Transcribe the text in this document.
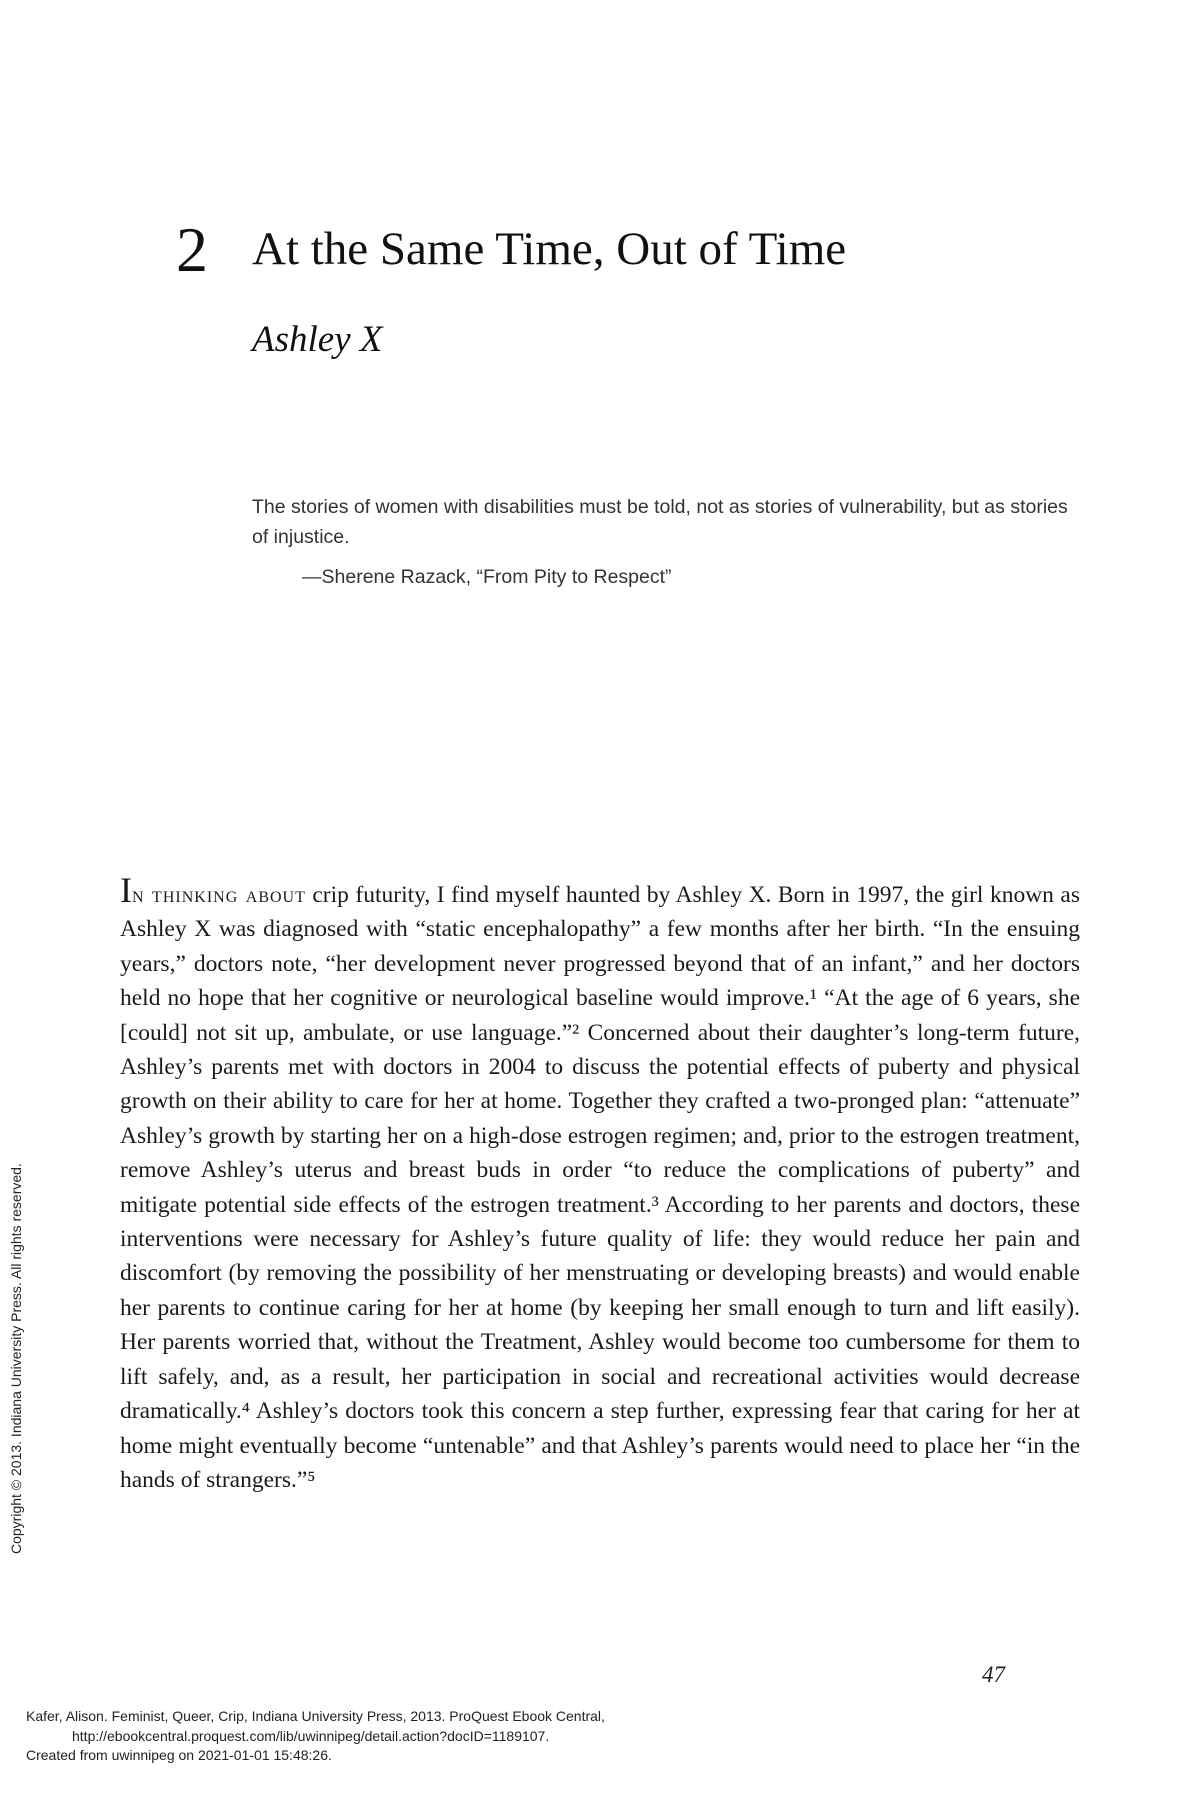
2 At the Same Time, Out of Time
Ashley X
The stories of women with disabilities must be told, not as stories of vulnerability, but as stories of injustice.
—Sherene Razack, “From Pity to Respect”
In thinking about crip futurity, I find myself haunted by Ashley X. Born in 1997, the girl known as Ashley X was diagnosed with “static encephalopathy” a few months after her birth. “In the ensuing years,” doctors note, “her development never progressed beyond that of an infant,” and her doctors held no hope that her cognitive or neurological baseline would improve.¹ “At the age of 6 years, she [could] not sit up, ambulate, or use language.”² Concerned about their daughter’s long-term future, Ashley’s parents met with doctors in 2004 to discuss the potential effects of puberty and physical growth on their ability to care for her at home. Together they crafted a two-pronged plan: “attenuate” Ashley’s growth by starting her on a high-dose estrogen regimen; and, prior to the estrogen treatment, remove Ashley’s uterus and breast buds in order “to reduce the complications of puberty” and mitigate potential side effects of the estrogen treatment.³ According to her parents and doctors, these interventions were necessary for Ashley’s future quality of life: they would reduce her pain and discomfort (by removing the possibility of her menstruating or developing breasts) and would enable her parents to continue caring for her at home (by keeping her small enough to turn and lift easily). Her parents worried that, without the Treatment, Ashley would become too cumbersome for them to lift safely, and, as a result, her participation in social and recreational activities would decrease dramatically.⁴ Ashley’s doctors took this concern a step further, expressing fear that caring for her at home might eventually become “untenable” and that Ashley’s parents would need to place her “in the hands of strangers.”⁵
47
Copyright © 2013. Indiana University Press. All rights reserved.
Kafer, Alison. Feminist, Queer, Crip, Indiana University Press, 2013. ProQuest Ebook Central,
http://ebookcentral.proquest.com/lib/uwinnipeg/detail.action?docID=1189107.
Created from uwinnipeg on 2021-01-01 15:48:26.
